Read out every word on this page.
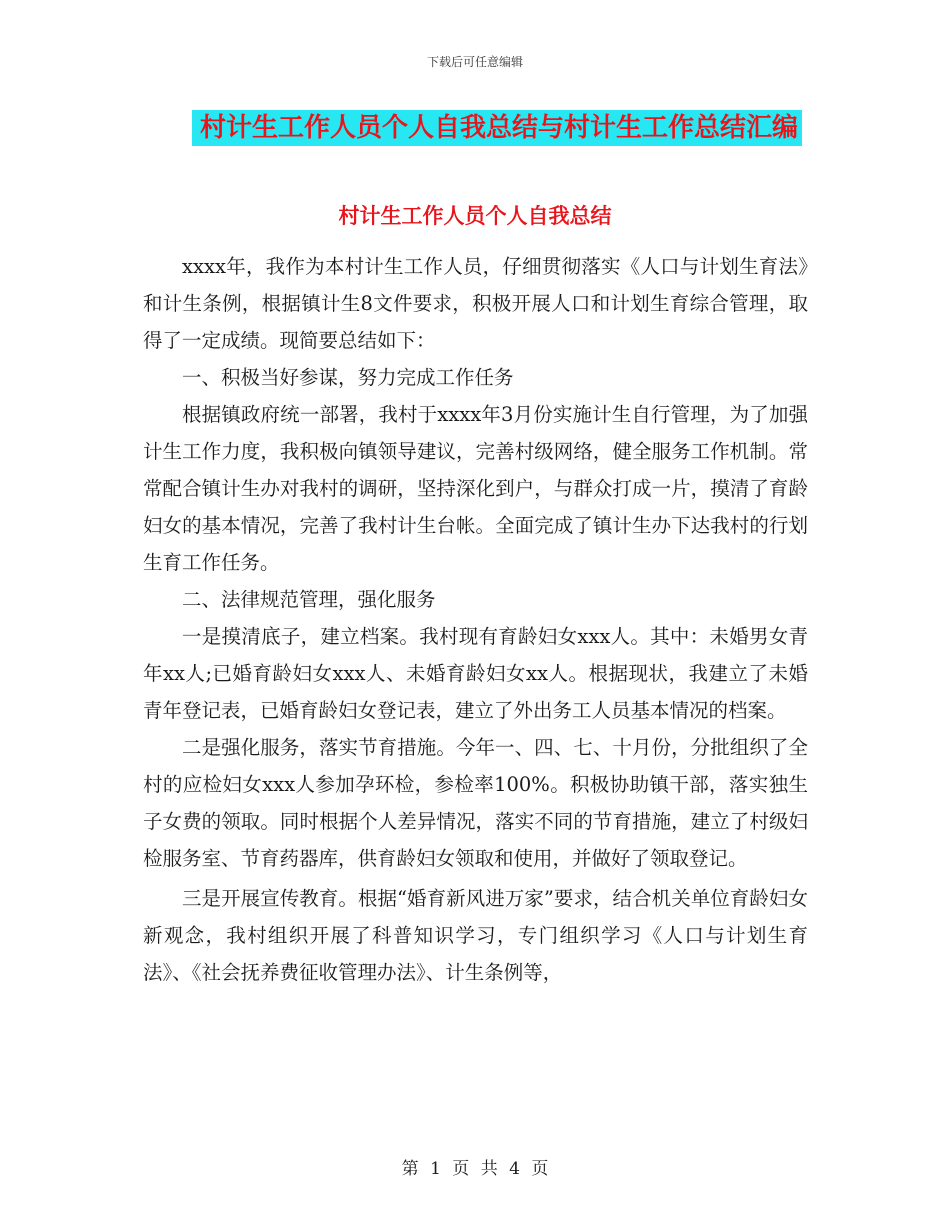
下载后可任意编辑
村计生工作人员个人自我总结与村计生工作总结汇编
村计生工作人员个人自我总结

xxxx年，我作为本村计生工作人员，仔细贯彻落实《人口与计划生育法》和计生条例，根据镇计生8文件要求，积极开展人口和计划生育综合管理，取得了一定成绩。现简要总结如下：

一、积极当好参谋，努力完成工作任务

根据镇政府统一部署，我村于xxxx年3月份实施计生自行管理，为了加强计生工作力度，我积极向镇领导建议，完善村级网络，健全服务工作机制。常常配合镇计生办对我村的调研，坚持深化到户，与群众打成一片，摸清了育龄妇女的基本情况，完善了我村计生台帐。全面完成了镇计生办下达我村的行划生育工作任务。

二、法律规范管理，强化服务

一是摸清底子，建立档案。我村现有育龄妇女xxx人。其中：未婚男女青年xx人;已婚育龄妇女xxx人、未婚育龄妇女xx人。根据现状，我建立了未婚青年登记表，已婚育龄妇女登记表，建立了外出务工人员基本情况的档案。

二是强化服务，落实节育措施。今年一、四、七、十月份，分批组织了全村的应检妇女xxx人参加孕环检，参检率100%。积极协助镇干部，落实独生子女费的领取。同时根据个人差异情况，落实不同的节育措施，建立了村级妇检服务室、节育药器库，供育龄妇女领取和使用，并做好了领取登记。

三是开展宣传教育。根据“婚育新风进万家”要求，结合机关单位育龄妇女新观念，我村组织开展了科普知识学习，专门组织学习《人口与计划生育法》、《社会抚养费征收管理办法》、计生条例等，

第 1 页 共 4 页
